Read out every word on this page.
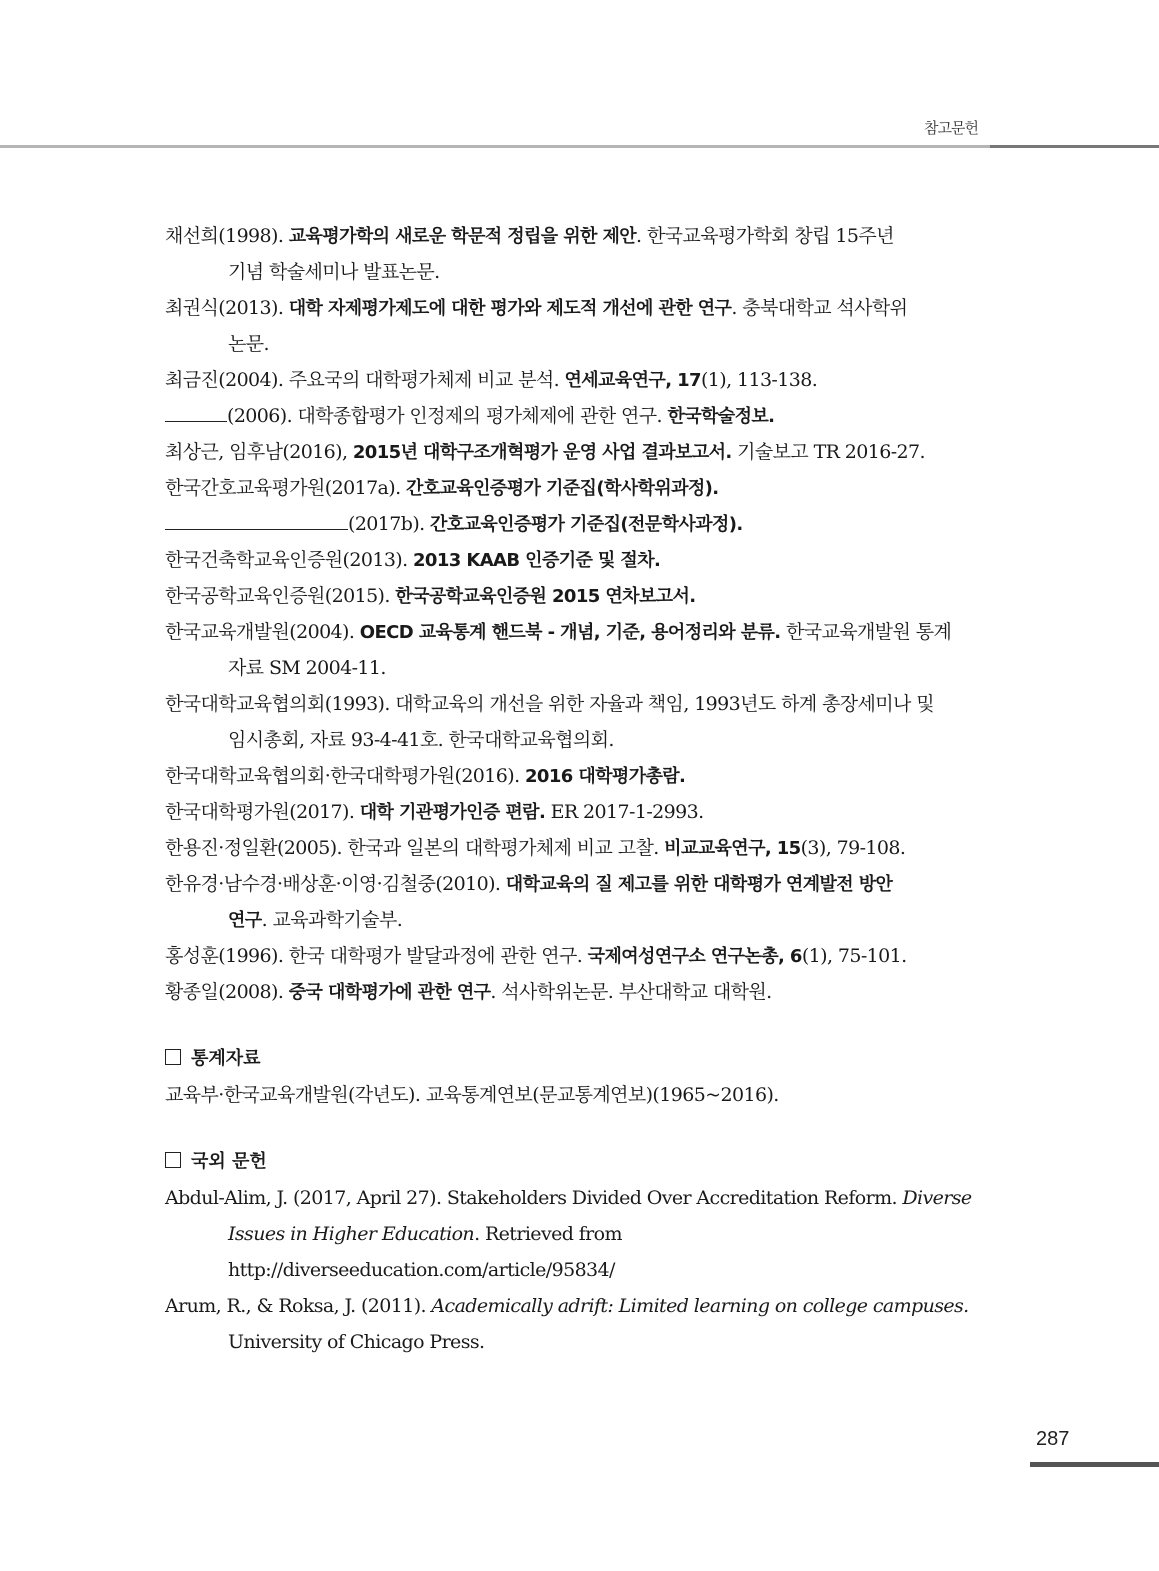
참고문헌
채선희(1998). 교육평가학의 새로운 학문적 정립을 위한 제안. 한국교육평가학회 창립 15주년
기념 학술세미나 발표논문.
최권식(2013). 대학 자제평가제도에 대한 평가와 제도적 개선에 관한 연구. 충북대학교 석사학위
논문.
최금진(2004). 주요국의 대학평가체제 비교 분석. 연세교육연구, 17(1), 113-138.
(2006). 대학종합평가 인정제의 평가체제에 관한 연구. 한국학술정보.
최상근, 임후남(2016), 2015년 대학구조개혁평가 운영 사업 결과보고서. 기술보고 TR 2016-27.
한국간호교육평가원(2017a). 간호교육인증평가 기준집(학사학위과정).
(2017b). 간호교육인증평가 기준집(전문학사과정).
한국건축학교육인증원(2013). 2013 KAAB 인증기준 및 절차.
한국공학교육인증원(2015). 한국공학교육인증원 2015 연차보고서.
한국교육개발원(2004). OECD 교육통계 핸드북 - 개념, 기준, 용어정리와 분류. 한국교육개발원 통계
자료 SM 2004-11.
한국대학교육협의회(1993). 대학교육의 개선을 위한 자율과 책임, 1993년도 하계 총장세미나 및
임시총회, 자료 93-4-41호. 한국대학교육협의회.
한국대학교육협의회·한국대학평가원(2016). 2016 대학평가총람.
한국대학평가원(2017). 대학 기관평가인증 편람. ER 2017-1-2993.
한용진·정일환(2005). 한국과 일본의 대학평가체제 비교 고찰. 비교교육연구, 15(3), 79-108.
한유경·남수경·배상훈·이영·김철중(2010). 대학교육의 질 제고를 위한 대학평가 연계발전 방안
연구. 교육과학기술부.
홍성훈(1996). 한국 대학평가 발달과정에 관한 연구. 국제여성연구소 연구논총, 6(1), 75-101.
황종일(2008). 중국 대학평가에 관한 연구. 석사학위논문. 부산대학교 대학원.
통계자료
교육부·한국교육개발원(각년도). 교육통계연보(문교통계연보)(1965~2016).
국외 문헌
Abdul-Alim, J. (2017, April 27). Stakeholders Divided Over Accreditation Reform. Diverse
Issues in Higher Education. Retrieved from
http://diverseeducation.com/article/95834/
Arum, R., & Roksa, J. (2011). Academically adrift: Limited learning on college campuses.
University of Chicago Press.
287
